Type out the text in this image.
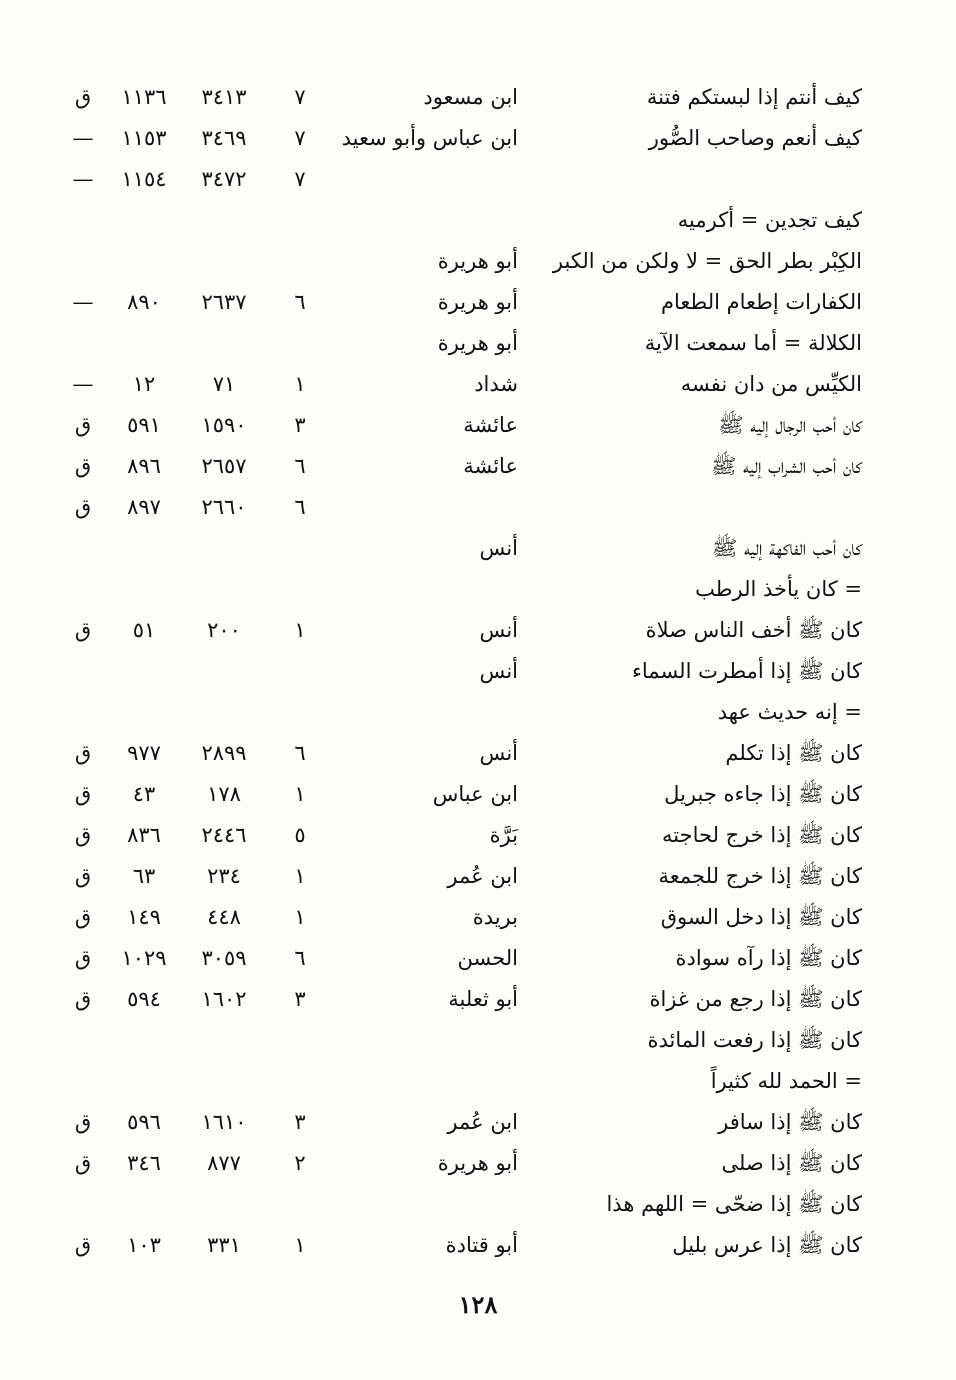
كيف أنتم إذا لبستكم فتنة
ابن مسعود
٧
٣٤١٣
١١٣٦
ق
كيف أنعم وصاحب الصُّور
ابن عباس وأبو سعيد
٧
٣٤٦٩
١١٥٣
—
٧
٣٤٧٢
١١٥٤
—
كيف تجدين = أكرميه
الكِبْر بطر الحق = لا ولكن من الكبر
أبو هريرة
الكفارات إطعام الطعام
أبو هريرة
٦
٢٦٣٧
٨٩٠
—
الكلالة = أما سمعت الآية
أبو هريرة
الكيِّس من دان نفسه
شداد
١
٧١
١٢
—
كان أحب الرجال إليه ﷺ
عائشة
٣
١٥٩٠
٥٩١
ق
كان أحب الشراب إليه ﷺ
عائشة
٦
٢٦٥٧
٨٩٦
ق
٦
٢٦٦٠
٨٩٧
ق
كان أحب الفاكهة إليه ﷺ
أنس
= كان يأخذ الرطب
كان ﷺ أخف الناس صلاة
أنس
١
٢٠٠
٥١
ق
كان ﷺ إذا أمطرت السماء
أنس
= إنه حديث عهد
كان ﷺ إذا تكلم
أنس
٦
٢٨٩٩
٩٧٧
ق
كان ﷺ إذا جاءه جبريل
ابن عباس
١
١٧٨
٤٣
ق
كان ﷺ إذا خرج لحاجته
بَرَّة
٥
٢٤٤٦
٨٣٦
ق
كان ﷺ إذا خرج للجمعة
ابن عُمر
١
٢٣٤
٦٣
ق
كان ﷺ إذا دخل السوق
بريدة
١
٤٤٨
١٤٩
ق
كان ﷺ إذا رآه سوادة
الحسن
٦
٣٠٥٩
١٠٢٩
ق
كان ﷺ إذا رجع من غزاة
أبو ثعلبة
٣
١٦٠٢
٥٩٤
ق
كان ﷺ إذا رفعت المائدة
= الحمد لله كثيراً
كان ﷺ إذا سافر
ابن عُمر
٣
١٦١٠
٥٩٦
ق
كان ﷺ إذا صلى
أبو هريرة
٢
٨٧٧
٣٤٦
ق
كان ﷺ إذا ضحّى = اللهم هذا
كان ﷺ إذا عرس بليل
أبو قتادة
١
٣٣١
١٠٣
ق
١٢٨
